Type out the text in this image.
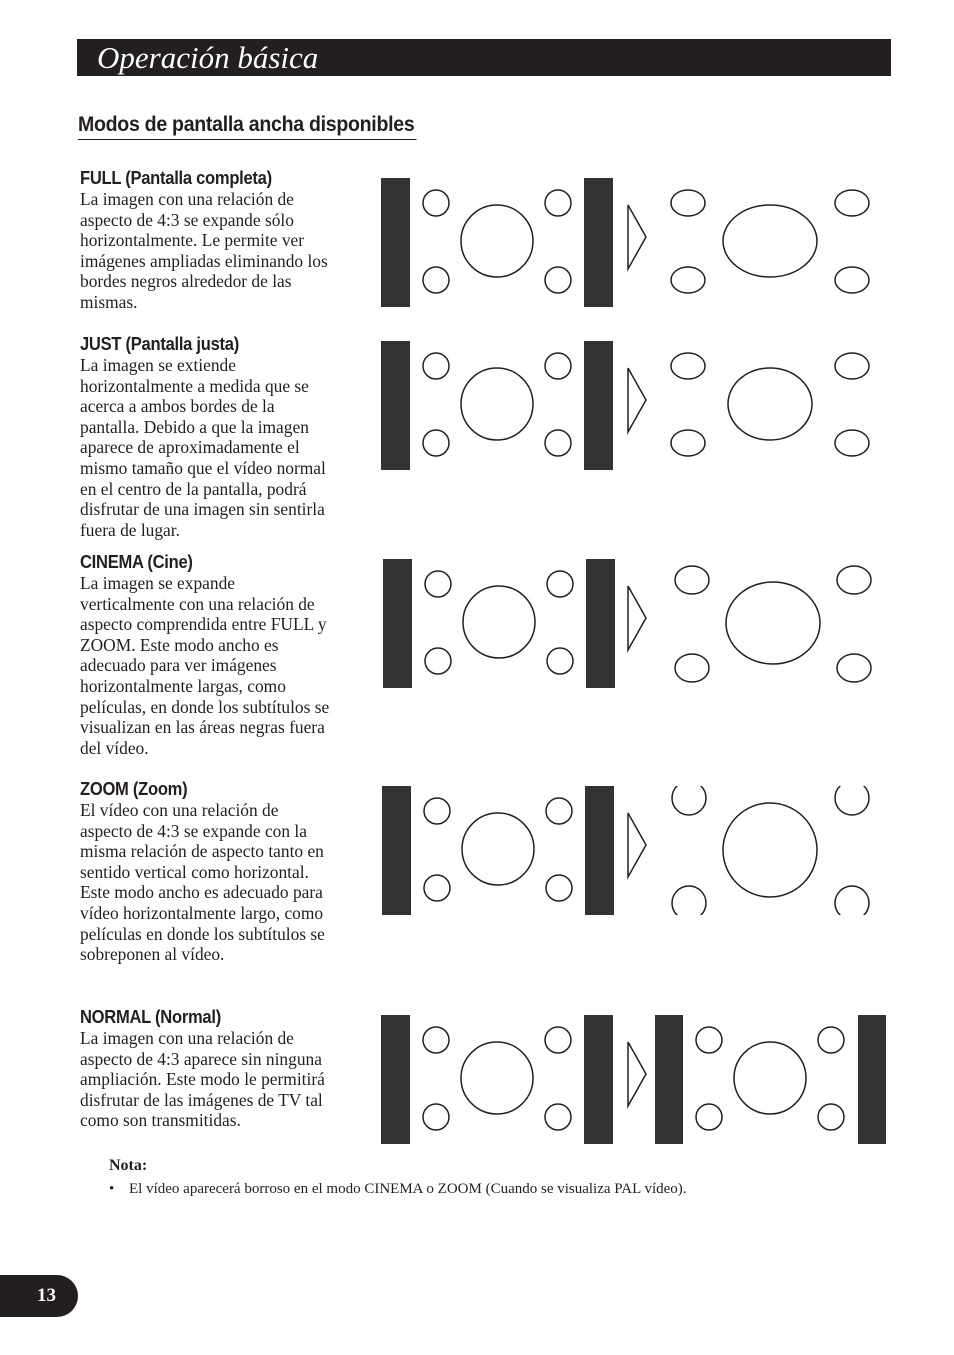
Operación básica
Modos de pantalla ancha disponibles
FULL (Pantalla completa)
La imagen con una relación de
aspecto de 4:3 se expande sólo
horizontalmente. Le permite ver
imágenes ampliadas eliminando los
bordes negros alrededor de las
mismas.
JUST (Pantalla justa)
La imagen se extiende
horizontalmente a medida que se
acerca a ambos bordes de la
pantalla. Debido a que la imagen
aparece de aproximadamente el
mismo tamaño que el vídeo normal
en el centro de la pantalla, podrá
disfrutar de una imagen sin sentirla
fuera de lugar.
CINEMA (Cine)
La imagen se expande
verticalmente con una relación de
aspecto comprendida entre FULL y
ZOOM. Este modo ancho es
adecuado para ver imágenes
horizontalmente largas, como
películas, en donde los subtítulos se
visualizan en las áreas negras fuera
del vídeo.
ZOOM (Zoom)
El vídeo con una relación de
aspecto de 4:3 se expande con la
misma relación de aspecto tanto en
sentido vertical como horizontal.
Este modo ancho es adecuado para
vídeo horizontalmente largo, como
películas en donde los subtítulos se
sobreponen al vídeo.
NORMAL (Normal)
La imagen con una relación de
aspecto de 4:3 aparece sin ninguna
ampliación. Este modo le permitirá
disfrutar de las imágenes de TV tal
como son transmitidas.
Nota:
• El vídeo aparecerá borroso en el modo CINEMA o ZOOM (Cuando se visualiza PAL vídeo).
13
